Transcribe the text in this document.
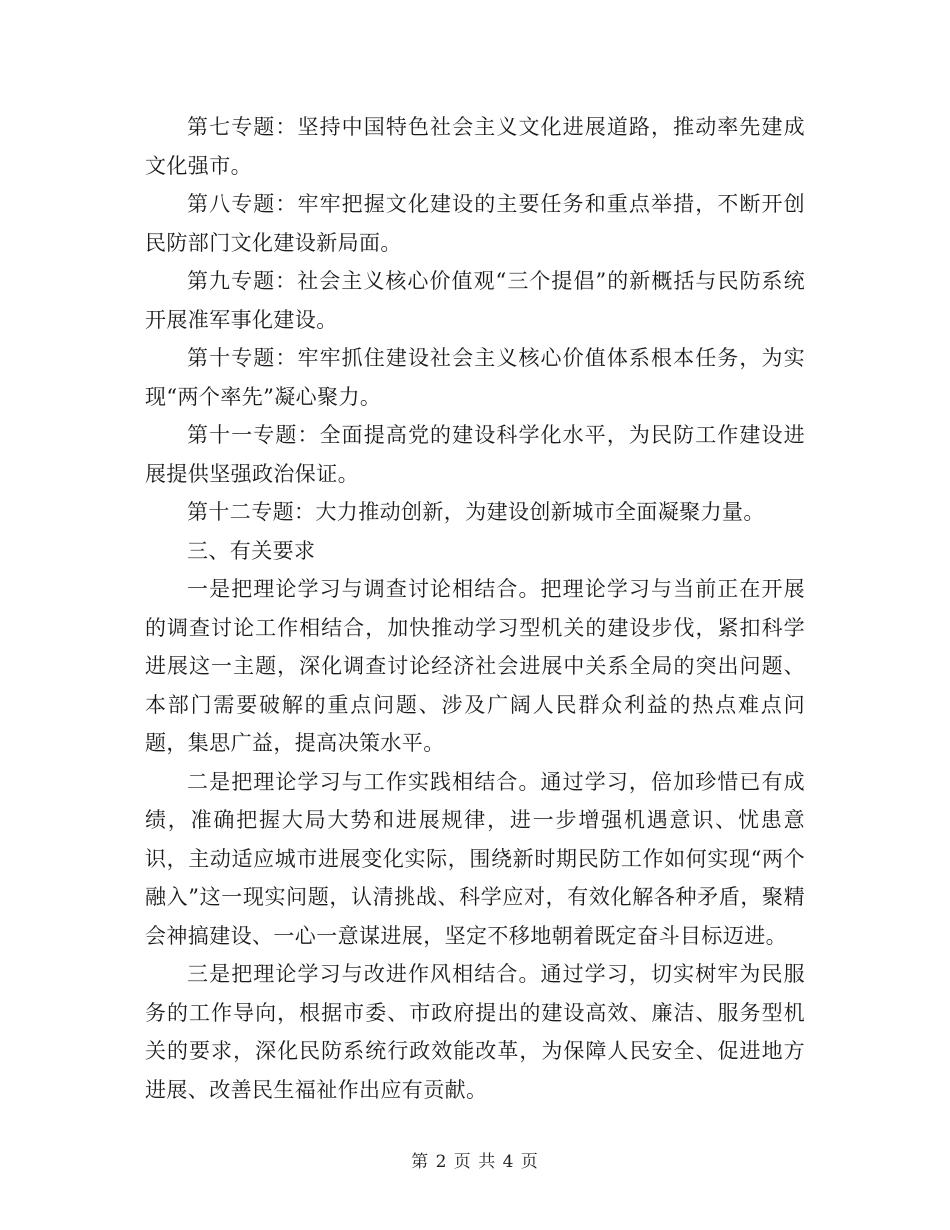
第七专题：坚持中国特色社会主义文化进展道路，推动率先建成文化强市。

第八专题：牢牢把握文化建设的主要任务和重点举措，不断开创民防部门文化建设新局面。

第九专题：社会主义核心价值观“三个提倡”的新概括与民防系统开展准军事化建设。

第十专题：牢牢抓住建设社会主义核心价值体系根本任务，为实现“两个率先”凝心聚力。

第十一专题：全面提高党的建设科学化水平，为民防工作建设进展提供坚强政治保证。

第十二专题：大力推动创新，为建设创新城市全面凝聚力量。

三、有关要求

一是把理论学习与调查讨论相结合。把理论学习与当前正在开展的调查讨论工作相结合，加快推动学习型机关的建设步伐，紧扣科学进展这一主题，深化调查讨论经济社会进展中关系全局的突出问题、本部门需要破解的重点问题、涉及广阔人民群众利益的热点难点问题，集思广益，提高决策水平。

二是把理论学习与工作实践相结合。通过学习，倍加珍惜已有成绩，准确把握大局大势和进展规律，进一步增强机遇意识、忧患意识，主动适应城市进展变化实际，围绕新时期民防工作如何实现“两个融入”这一现实问题，认清挑战、科学应对，有效化解各种矛盾，聚精会神搞建设、一心一意谋进展，坚定不移地朝着既定奋斗目标迈进。

三是把理论学习与改进作风相结合。通过学习，切实树牢为民服务的工作导向，根据市委、市政府提出的建设高效、廉洁、服务型机关的要求，深化民防系统行政效能改革，为保障人民安全、促进地方进展、改善民生福祉作出应有贡献。

第 2 页 共 4 页
